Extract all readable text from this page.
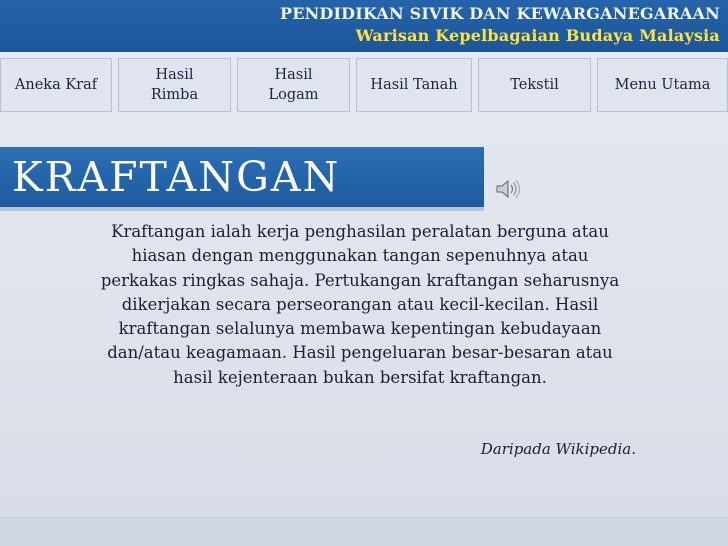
PENDIDIKAN SIVIK DAN KEWARGANEGARAAN
Warisan Kepelbagaian Budaya Malaysia
Aneka Kraf
Hasil
Rimba
Hasil
Logam
Hasil Tanah	Tekstil	Menu Utama
KRAFTANGAN
Kraftangan ialah kerja penghasilan peralatan berguna atau
hiasan dengan menggunakan tangan sepenuhnya atau
perkakas ringkas sahaja. Pertukangan kraftangan seharusnya
dikerjakan secara perseorangan atau kecil-kecilan. Hasil
kraftangan selalunya membawa kepentingan kebudayaan
dan/atau keagamaan. Hasil pengeluaran besar-besaran atau
hasil kejenteraan bukan bersifat kraftangan.
Daripada Wikipedia.
